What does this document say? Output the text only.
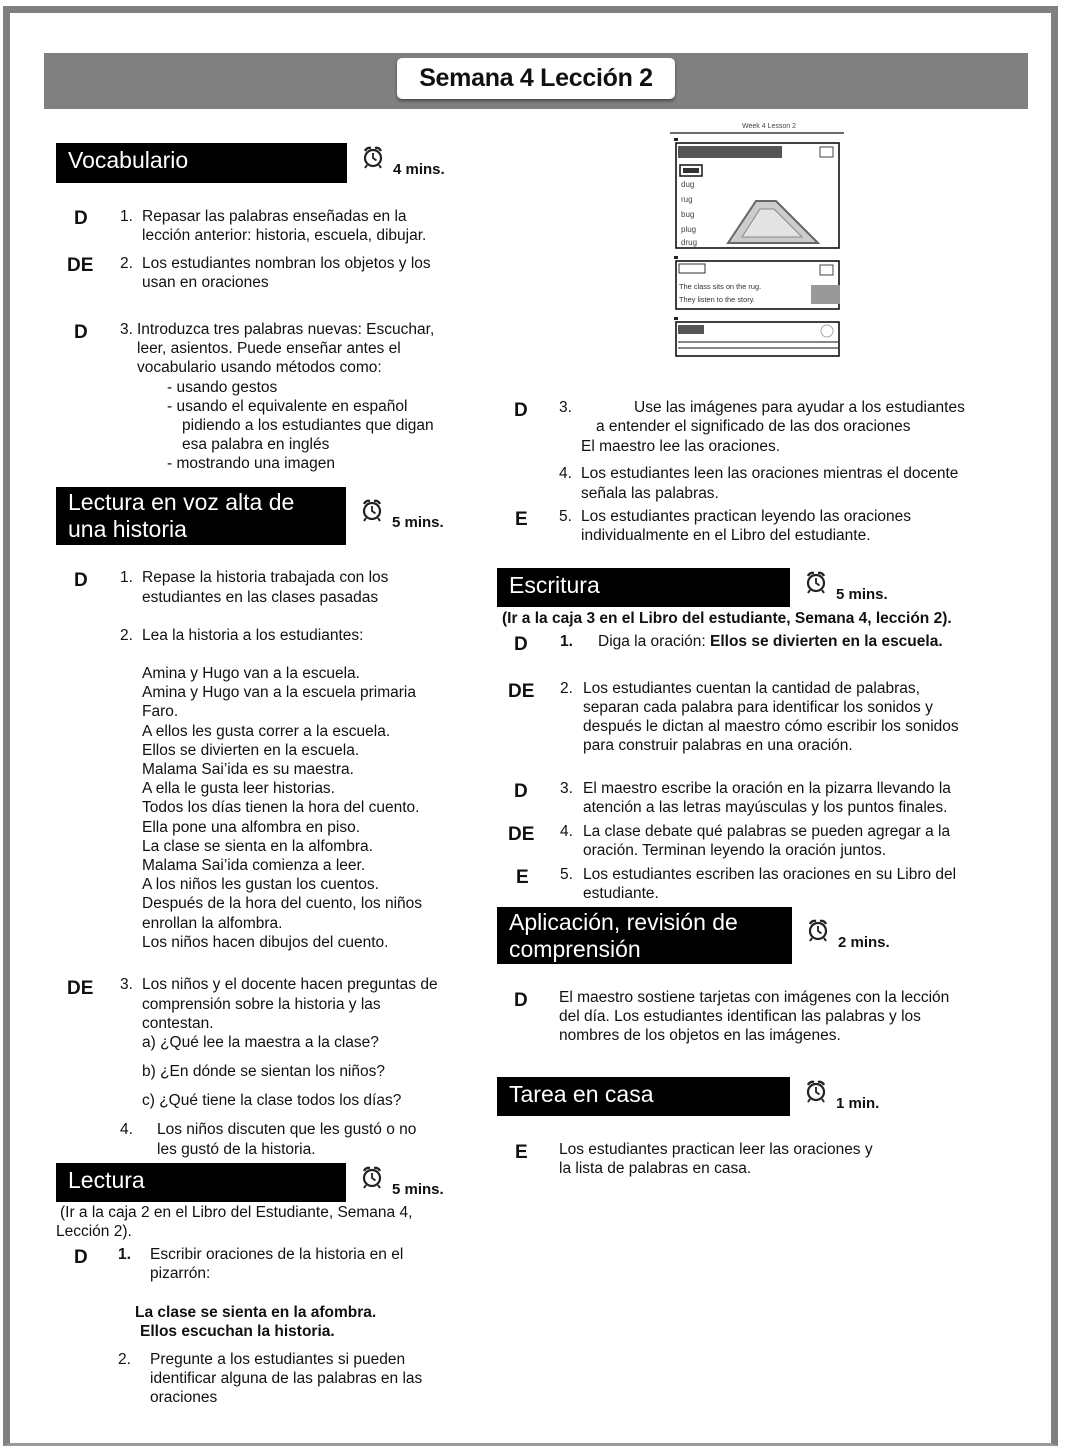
Semana 4 Lección 2
Week 4 Lesson 2
dug
rug
bug
plug
drug
The class sits on the rug.
They listen to the story.
Vocabulario	4 mins.
D 1. Repasar las palabras enseñadas en la
lección anterior: historia, escuela, dibujar.
DE 2. Los estudiantes nombran los objetos y los
usan en oraciones
D 3. Introduzca tres palabras nuevas: Escuchar,
leer, asientos. Puede enseñar antes el
vocabulario usando métodos como:
- usando gestos
- usando el equivalente en español
pidiendo a los estudiantes que digan
esa palabra en inglés
- mostrando una imagen
Lectura en voz alta de
una historia	5 mins.
D 1. Repase la historia trabajada con los
estudiantes en las clases pasadas
2. Lea la historia a los estudiantes:
Amina y Hugo van a la escuela.
Amina y Hugo van a la escuela primaria
Faro.
A ellos les gusta correr a la escuela.
Ellos se divierten en la escuela.
Malama Sai’ida es su maestra.
A ella le gusta leer historias.
Todos los días tienen la hora del cuento.
Ella pone una alfombra en piso.
La clase se sienta en la alfombra.
Malama Sai’ida comienza a leer.
A los niños les gustan los cuentos.
Después de la hora del cuento, los niños
enrollan la alfombra.
Los niños hacen dibujos del cuento.
DE 3. Los niños y el docente hacen preguntas de
comprensión sobre la historia y las
contestan.
a) ¿Qué lee la maestra a la clase?
b) ¿En dónde se sientan los niños?
c) ¿Qué tiene la clase todos los días?
4. Los niños discuten que les gustó o no
les gustó de la historia.
Lectura	5 mins.
(Ir a la caja 2 en el Libro del Estudiante, Semana 4,
Lección 2).
D 1. Escribir oraciones de la historia en el
pizarrón:
La clase se sienta en la afombra.
Ellos escuchan la historia.
2. Pregunte a los estudiantes si pueden
identificar alguna de las palabras en las
oraciones
D 3.	Use las imágenes para ayudar a los estudiantes
a entender el significado de las dos oraciones
El maestro lee las oraciones.
4. Los estudiantes leen las oraciones mientras el docente
señala las palabras.
E 5. Los estudiantes practican leyendo las oraciones
individualmente en el Libro del estudiante.
Escritura	5 mins.
(Ir a la caja 3 en el Libro del estudiante, Semana 4, lección 2).
D 1. Diga la oración: Ellos se divierten en la escuela.
DE 2. Los estudiantes cuentan la cantidad de palabras,
separan cada palabra para identificar los sonidos y
después le dictan al maestro cómo escribir los sonidos
para construir palabras en una oración.
D 3. El maestro escribe la oración en la pizarra llevando la
atención a las letras mayúsculas y los puntos finales.
DE 4. La clase debate qué palabras se pueden agregar a la
oración. Terminan leyendo la oración juntos.
E 5. Los estudiantes escriben las oraciones en su Libro del
estudiante.
Aplicación, revisión de
comprensión	2 mins.
D El maestro sostiene tarjetas con imágenes con la lección
del día. Los estudiantes identifican las palabras y los
nombres de los objetos en las imágenes.
Tarea en casa	1 min.
E Los estudiantes practican leer las oraciones y
la lista de palabras en casa.
